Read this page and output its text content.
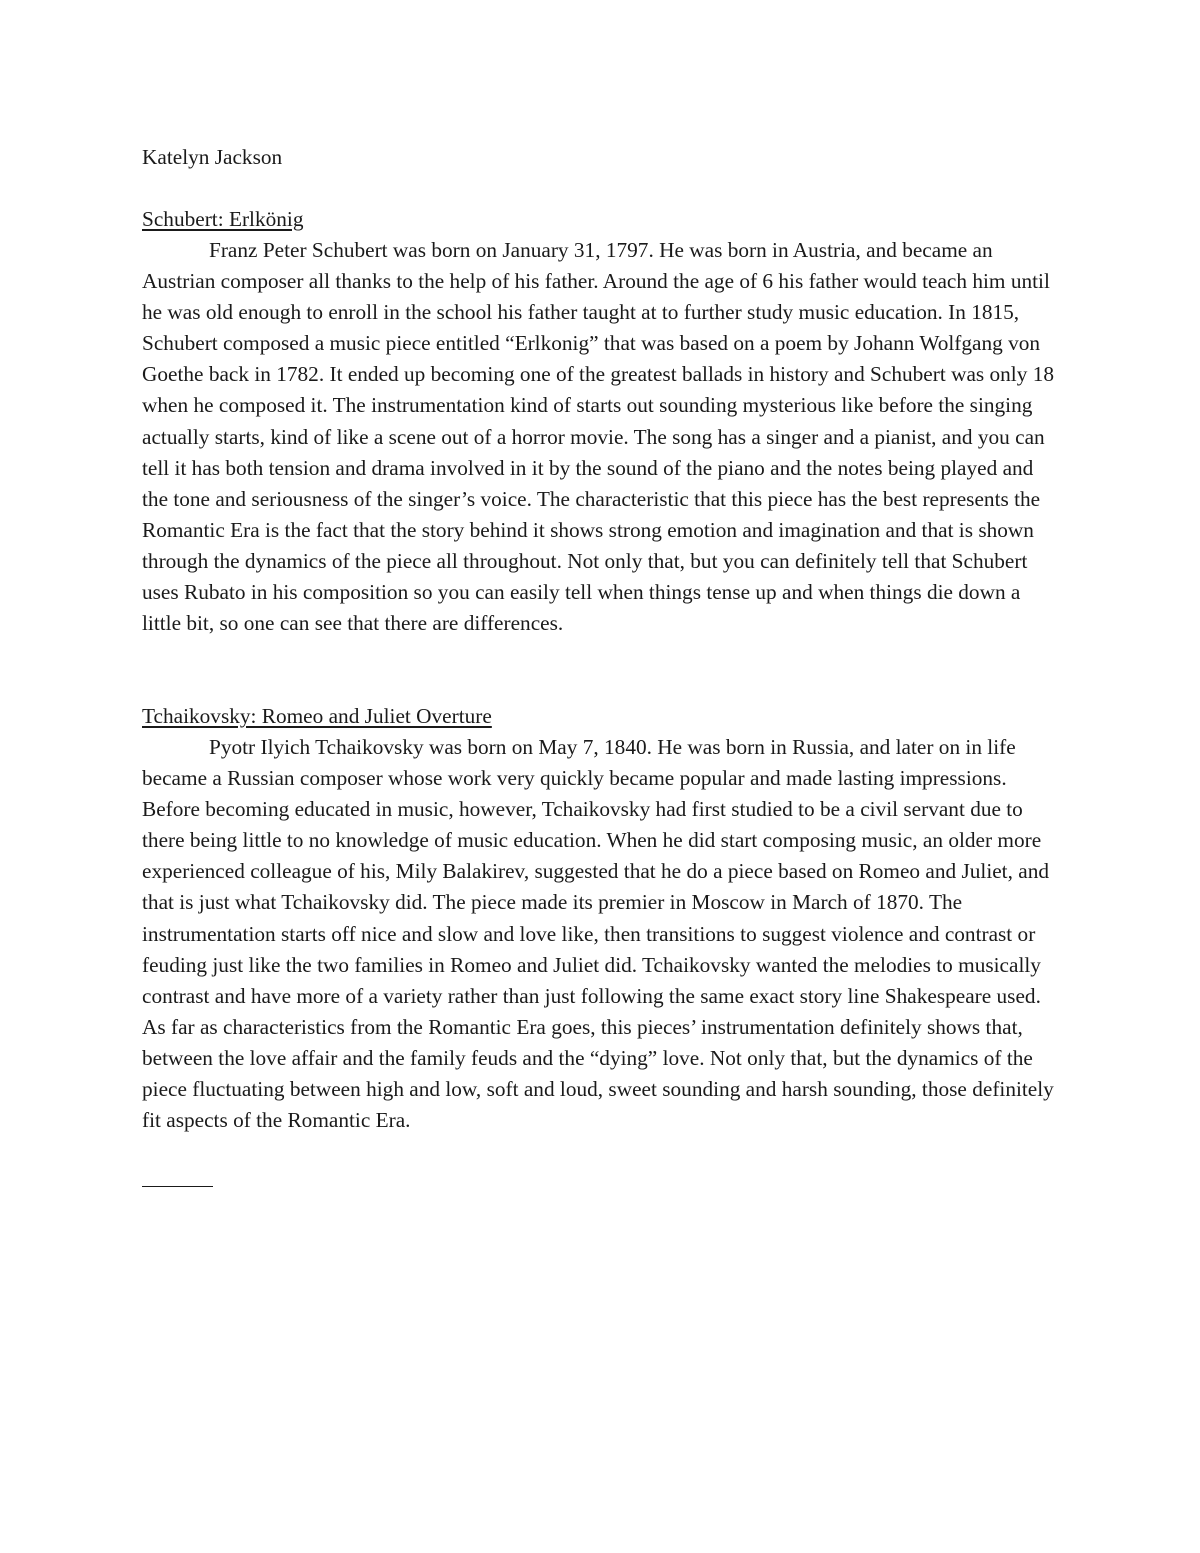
Katelyn Jackson

Schubert: Erlkönig

Franz Peter Schubert was born on January 31, 1797. He was born in Austria, and became an Austrian composer all thanks to the help of his father. Around the age of 6 his father would teach him until he was old enough to enroll in the school his father taught at to further study music education. In 1815, Schubert composed a music piece entitled “Erlkonig” that was based on a poem by Johann Wolfgang von Goethe back in 1782. It ended up becoming one of the greatest ballads in history and Schubert was only 18 when he composed it. The instrumentation kind of starts out sounding mysterious like before the singing actually starts, kind of like a scene out of a horror movie. The song has a singer and a pianist, and you can tell it has both tension and drama involved in it by the sound of the piano and the notes being played and the tone and seriousness of the singer’s voice. The characteristic that this piece has the best represents the Romantic Era is the fact that the story behind it shows strong emotion and imagination and that is shown through the dynamics of the piece all throughout. Not only that, but you can definitely tell that Schubert uses Rubato in his composition so you can easily tell when things tense up and when things die down a little bit, so one can see that there are differences.

Tchaikovsky: Romeo and Juliet Overture

Pyotr Ilyich Tchaikovsky was born on May 7, 1840. He was born in Russia, and later on in life became a Russian composer whose work very quickly became popular and made lasting impressions. Before becoming educated in music, however, Tchaikovsky had first studied to be a civil servant due to there being little to no knowledge of music education. When he did start composing music, an older more experienced colleague of his, Mily Balakirev, suggested that he do a piece based on Romeo and Juliet, and that is just what Tchaikovsky did. The piece made its premier in Moscow in March of 1870. The instrumentation starts off nice and slow and love like, then transitions to suggest violence and contrast or feuding just like the two families in Romeo and Juliet did. Tchaikovsky wanted the melodies to musically contrast and have more of a variety rather than just following the same exact story line Shakespeare used. As far as characteristics from the Romantic Era goes, this pieces’ instrumentation definitely shows that, between the love affair and the family feuds and the “dying” love. Not only that, but the dynamics of the piece fluctuating between high and low, soft and loud, sweet sounding and harsh sounding, those definitely fit aspects of the Romantic Era.
